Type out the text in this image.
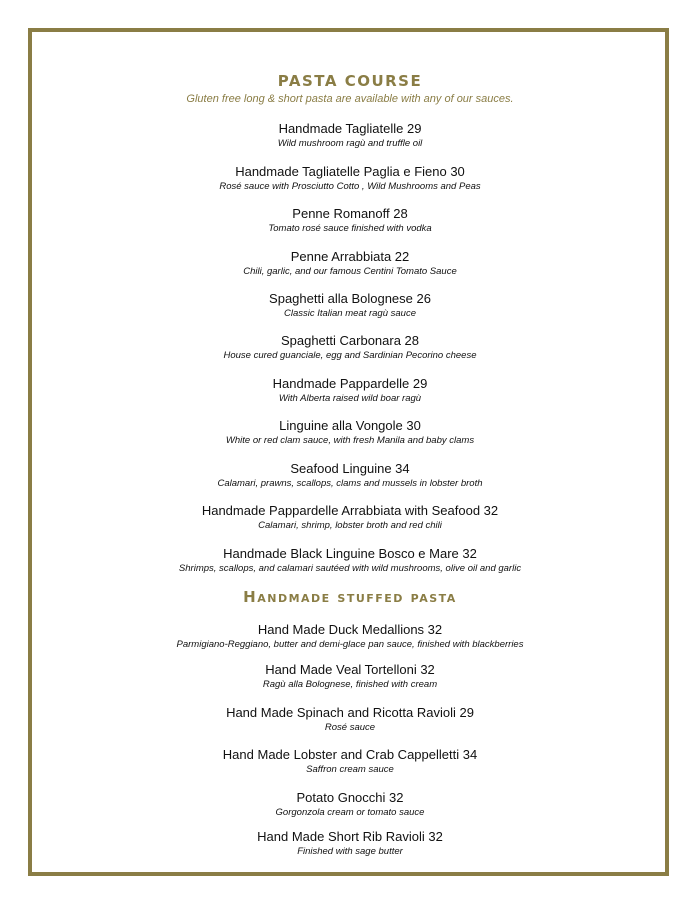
PASTA COURSE
Gluten free long & short pasta are available with any of our sauces.
Handmade Tagliatelle 29
Wild mushroom ragù and truffle oil
Handmade Tagliatelle Paglia e Fieno 30
Rosé sauce with Prosciutto Cotto , Wild Mushrooms and Peas
Penne Romanoff 28
Tomato rosé sauce finished with vodka
Penne Arrabbiata 22
Chili, garlic, and our famous Centini Tomato Sauce
Spaghetti alla Bolognese 26
Classic Italian meat ragù sauce
Spaghetti Carbonara 28
House cured guanciale, egg and Sardinian Pecorino cheese
Handmade Pappardelle 29
With Alberta raised wild boar ragù
Linguine alla Vongole 30
White or red clam sauce, with fresh Manila and baby clams
Seafood Linguine 34
Calamari, prawns, scallops, clams and mussels in lobster broth
Handmade Pappardelle Arrabbiata with Seafood 32
Calamari, shrimp, lobster broth and red chili
Handmade Black Linguine Bosco e Mare 32
Shrimps, scallops, and calamari sautéed with wild mushrooms, olive oil and garlic
Handmade stuffed pasta
Hand Made Duck Medallions 32
Parmigiano-Reggiano, butter and demi-glace pan sauce, finished with blackberries
Hand Made Veal Tortelloni 32
Ragù alla Bolognese, finished with cream
Hand Made Spinach and Ricotta Ravioli 29
Rosé sauce
Hand Made Lobster and Crab Cappelletti 34
Saffron cream sauce
Potato Gnocchi 32
Gorgonzola cream or tomato sauce
Hand Made Short Rib Ravioli 32
Finished with sage butter
